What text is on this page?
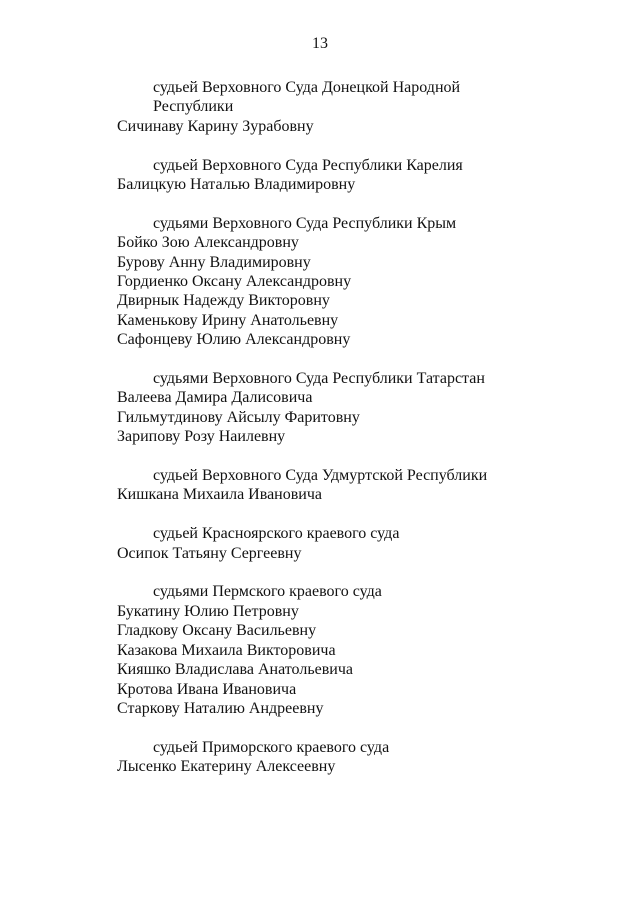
13
судьей Верховного Суда Донецкой Народной
Республики
Сичинаву Карину Зурабовну
судьей Верховного Суда Республики Карелия
Балицкую Наталью Владимировну
судьями Верховного Суда Республики Крым
Бойко Зою Александровну
Бурову Анну Владимировну
Гордиенко Оксану Александровну
Двирнык Надежду Викторовну
Каменькову Ирину Анатольевну
Сафонцеву Юлию Александровну
судьями Верховного Суда Республики Татарстан
Валеева Дамира Далисовича
Гильмутдинову Айсылу Фаритовну
Зарипову Розу Наилевну
судьей Верховного Суда Удмуртской Республики
Кишкана Михаила Ивановича
судьей Красноярского краевого суда
Осипок Татьяну Сергеевну
судьями Пермского краевого суда
Букатину Юлию Петровну
Гладкову Оксану Васильевну
Казакова Михаила Викторовича
Кияшко Владислава Анатольевича
Кротова Ивана Ивановича
Старкову Наталию Андреевну
судьей Приморского краевого суда
Лысенко Екатерину Алексеевну
